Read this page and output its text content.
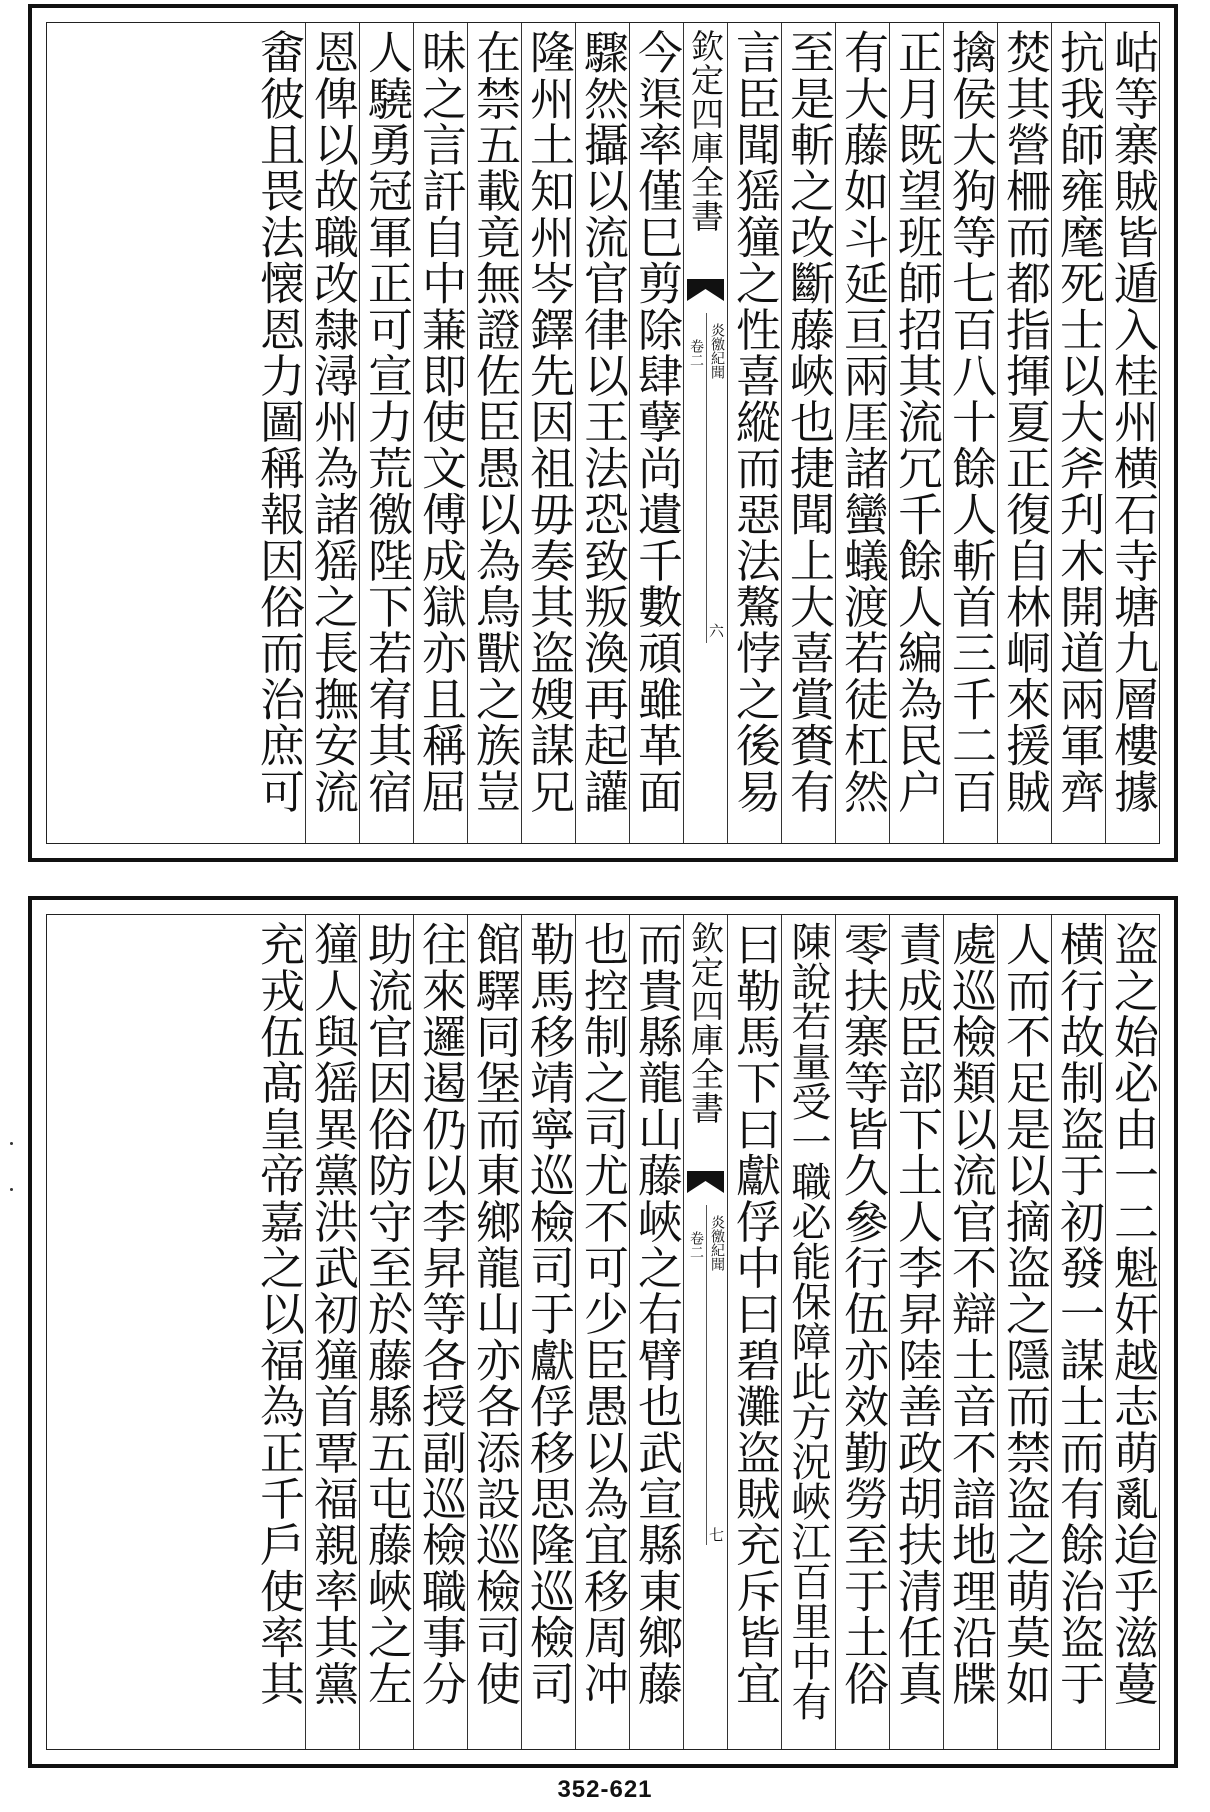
岵等寨賊皆遁入桂州横石寺塘九層樓據
抗我師雍麾死士以大斧刋木開道兩軍齊
焚其營柵而都指揮夏正復自林峒來援賊
擒侯大狗等七百八十餘人斬首三千二百
正月既望班師招其流冗千餘人編為民户
有大藤如斗延亘兩厓諸蠻蟻渡若徒杠然
至是斬之改斷藤峽也捷聞上大喜賞賚有
言臣聞猺獞之性喜縱而惡法驁悖之後易
欽定四庫全書
炎徼紀聞
卷二
六
今渠率僅巳剪除肆孽尚遺千數頑雖革面
驟然攝以流官律以王法恐致叛渙再起讙
隆州土知州岑鐸先因祖毋奏其盗嫂謀兄
在禁五載竟無證佐臣愚以為鳥獸之族豈
昧之言訐自中蒹即使文傅成獄亦且稱屈
人驍勇冠軍正可宣力荒徼陛下若宥其宿
恩俾以故職改隸潯州為諸猺之長撫安流
畬彼且畏法懐恩力圖稱報因俗而治庶可
盗之始必由一二魁奸越志萌亂迨乎滋蔓
横行故制盗于初發一謀士而有餘治盗于
人而不足是以摘盗之隱而禁盗之萌莫如
處巡檢類以流官不辯土音不諳地理沿牒
責成臣部下土人李昇陸善政胡扶清任真
零扶寨等皆久參行伍亦效勤勞至于土俗
陳說若量受一職必能保障此方況峽江百里中有
曰勒馬下曰獻俘中曰碧灘盗賊充斥皆宜
欽定四庫全書
炎徼紀聞
卷二
七
而貴縣龍山藤峽之右臂也武宣縣東鄉藤
也控制之司尤不可少臣愚以為宜移周冲
勒馬移靖寧巡檢司于獻俘移思隆巡檢司
館驛同堡而東鄉龍山亦各添設巡檢司使
往來邏遏仍以李昇等各授副巡檢職事分
助流官因俗防守至於藤縣五屯藤峽之左
獞人與猺異黨洪武初獞首覃福親率其黨
充戎伍髙皇帝嘉之以福為正千戶使率其
352-621
